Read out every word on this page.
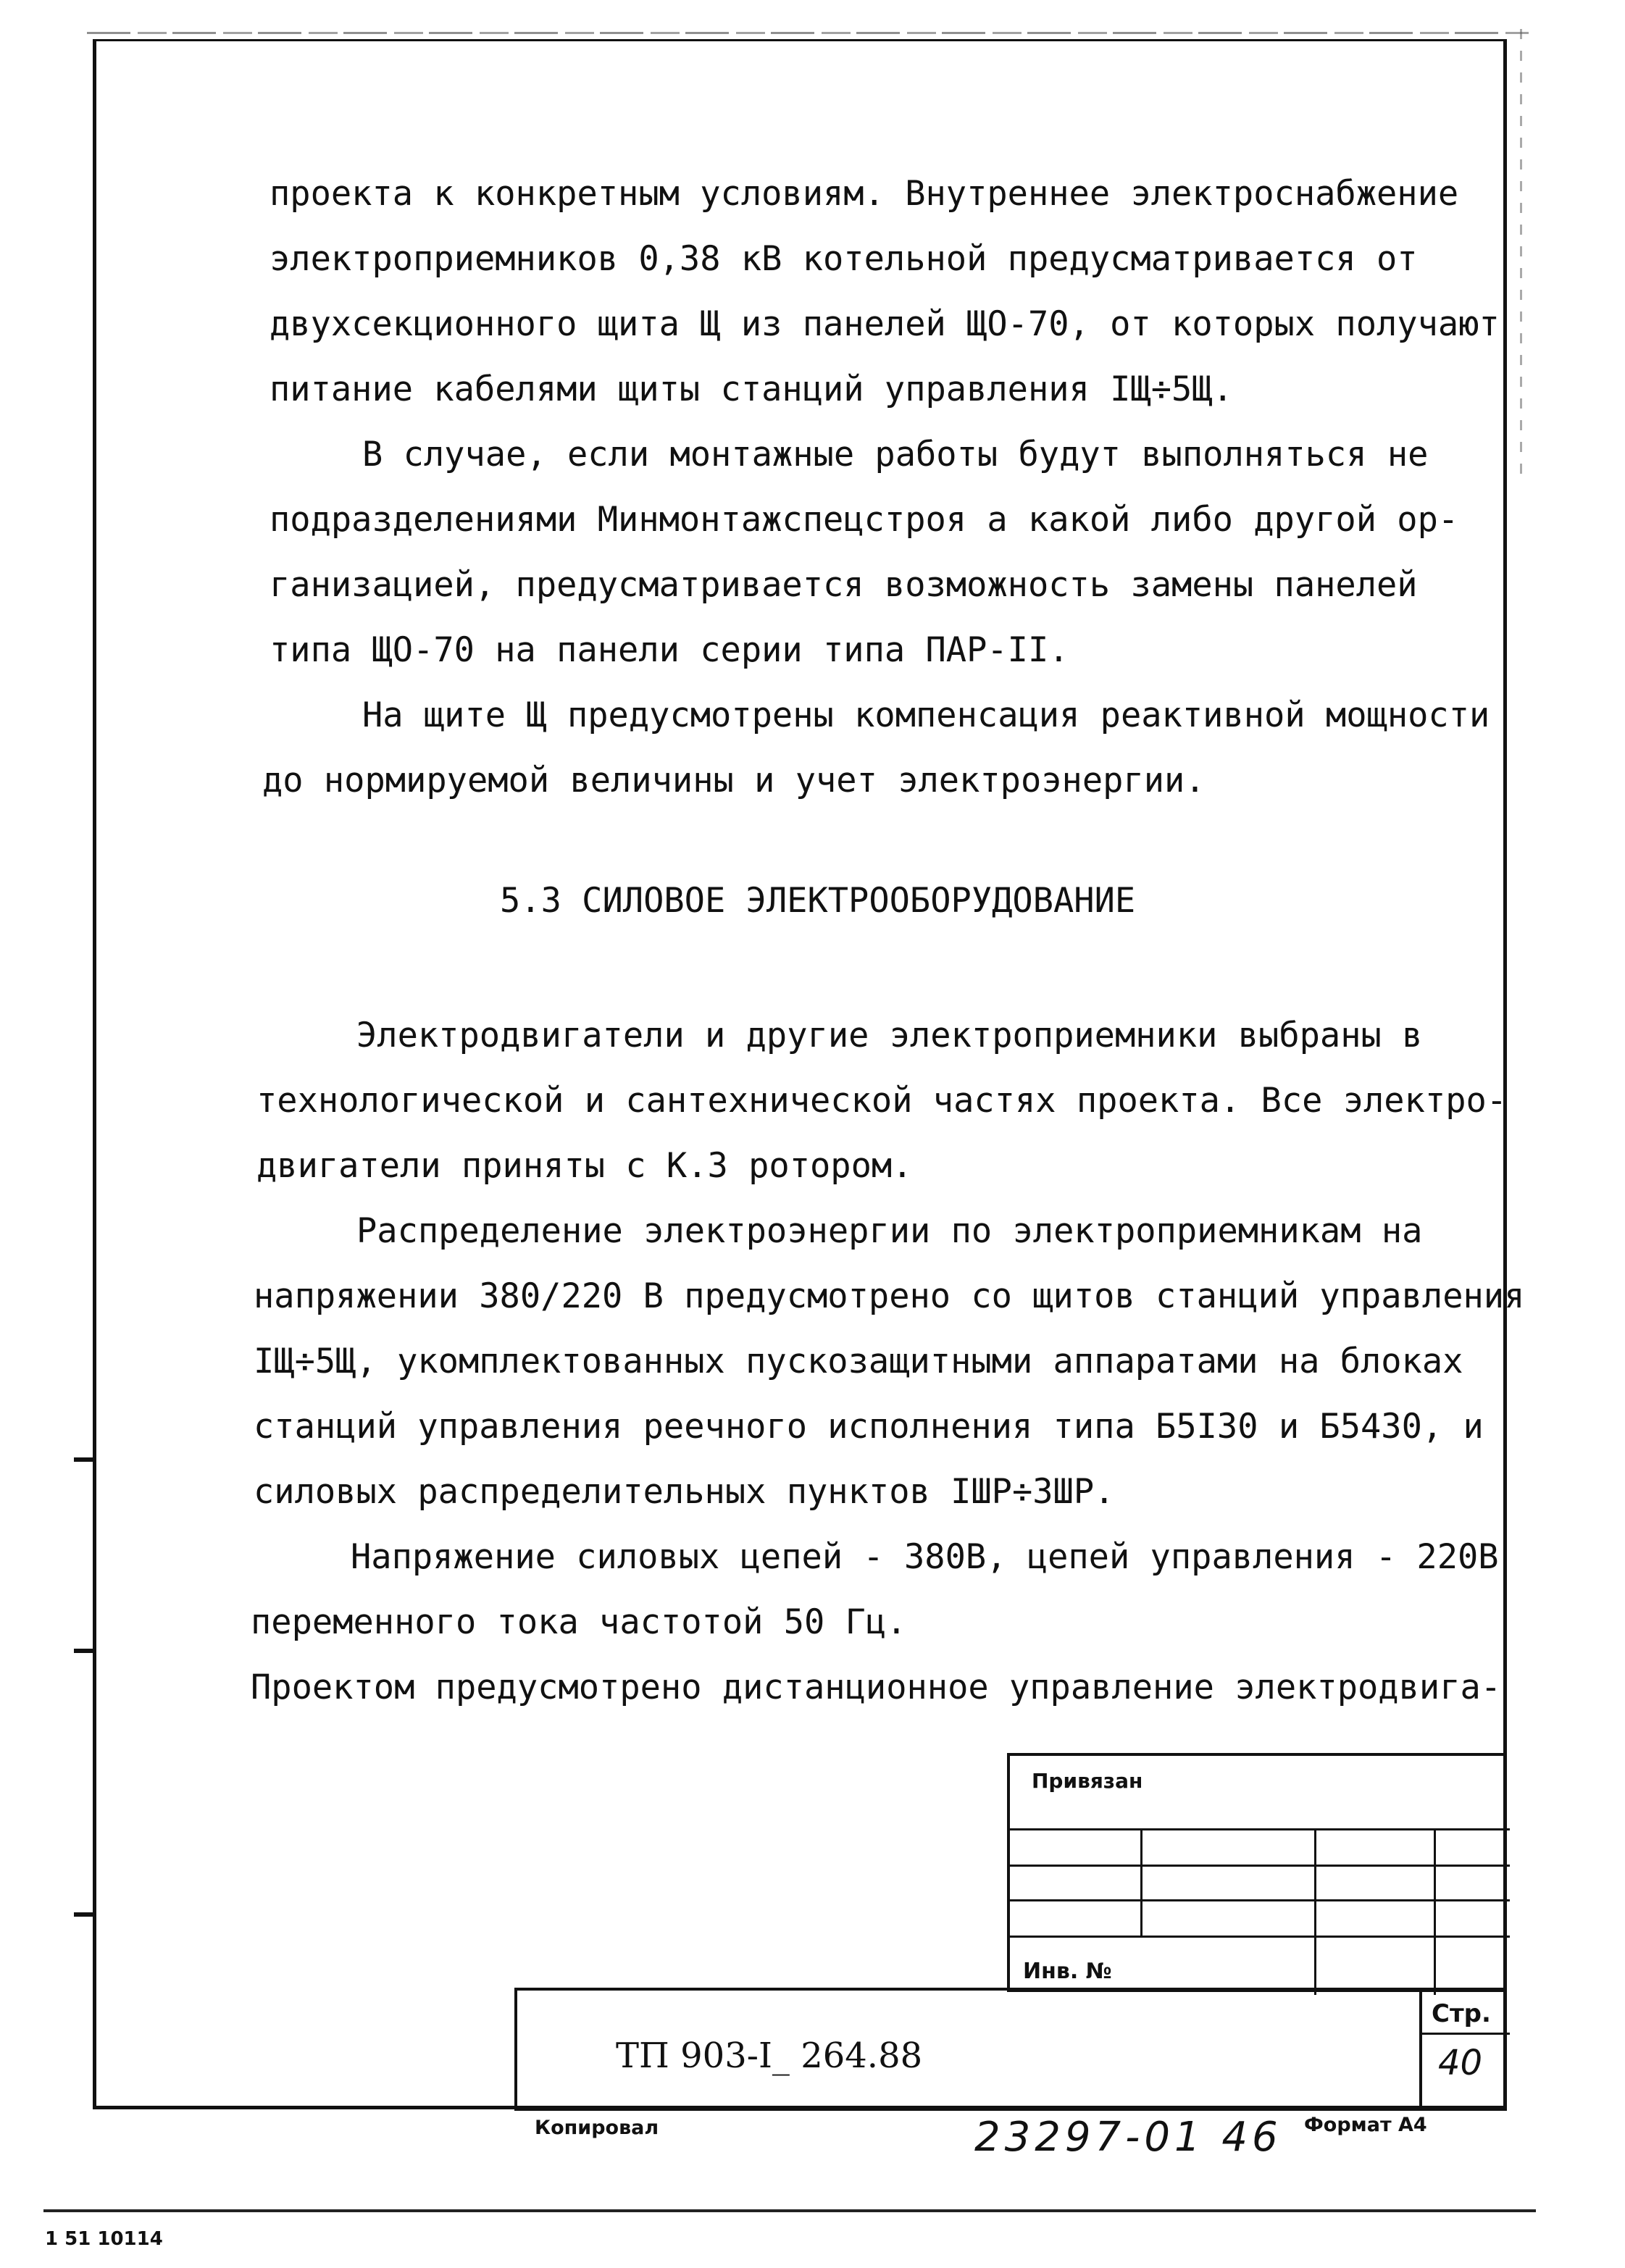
проекта к конкретным условиям. Внутреннее электроснабжение
электроприемников 0,38 кВ котельной предусматривается от
двухсекционного щита Щ из панелей ЩО-70, от которых получают
питание кабелями щиты станций управления IЩ÷5Щ.
В случае, если монтажные работы будут выполняться не
подразделениями Минмонтажспецстроя а какой либо другой ор-
ганизацией, предусматривается возможность замены панелей
типа ЩО-70 на панели серии типа ПАР-II.
На щите Щ предусмотрены компенсация реактивной мощности
до нормируемой величины и учет электроэнергии.
5.3 СИЛОВОЕ ЭЛЕКТРООБОРУДОВАНИЕ
Электродвигатели и другие электроприемники выбраны в
технологической и сантехнической частях проекта. Все электро-
двигатели приняты с К.З ротором.
Распределение электроэнергии по электроприемникам на
напряжении 380/220 В предусмотрено со щитов станций управления
IЩ÷5Щ, укомплектованных пускозащитными аппаратами на блоках
станций управления реечного исполнения типа Б5I30 и Б5430, и
силовых распределительных пунктов IШР÷3ШР.
Напряжение силовых цепей - 380В, цепей управления - 220В
переменного тока частотой 50 Гц.
Проектом предусмотрено дистанционное управление электродвига-
Привязан
Инв. №
Стр.
ТП 903-I_ 264.88	40
Копировал	23297-01 46 Формат А4
1 51 10114
